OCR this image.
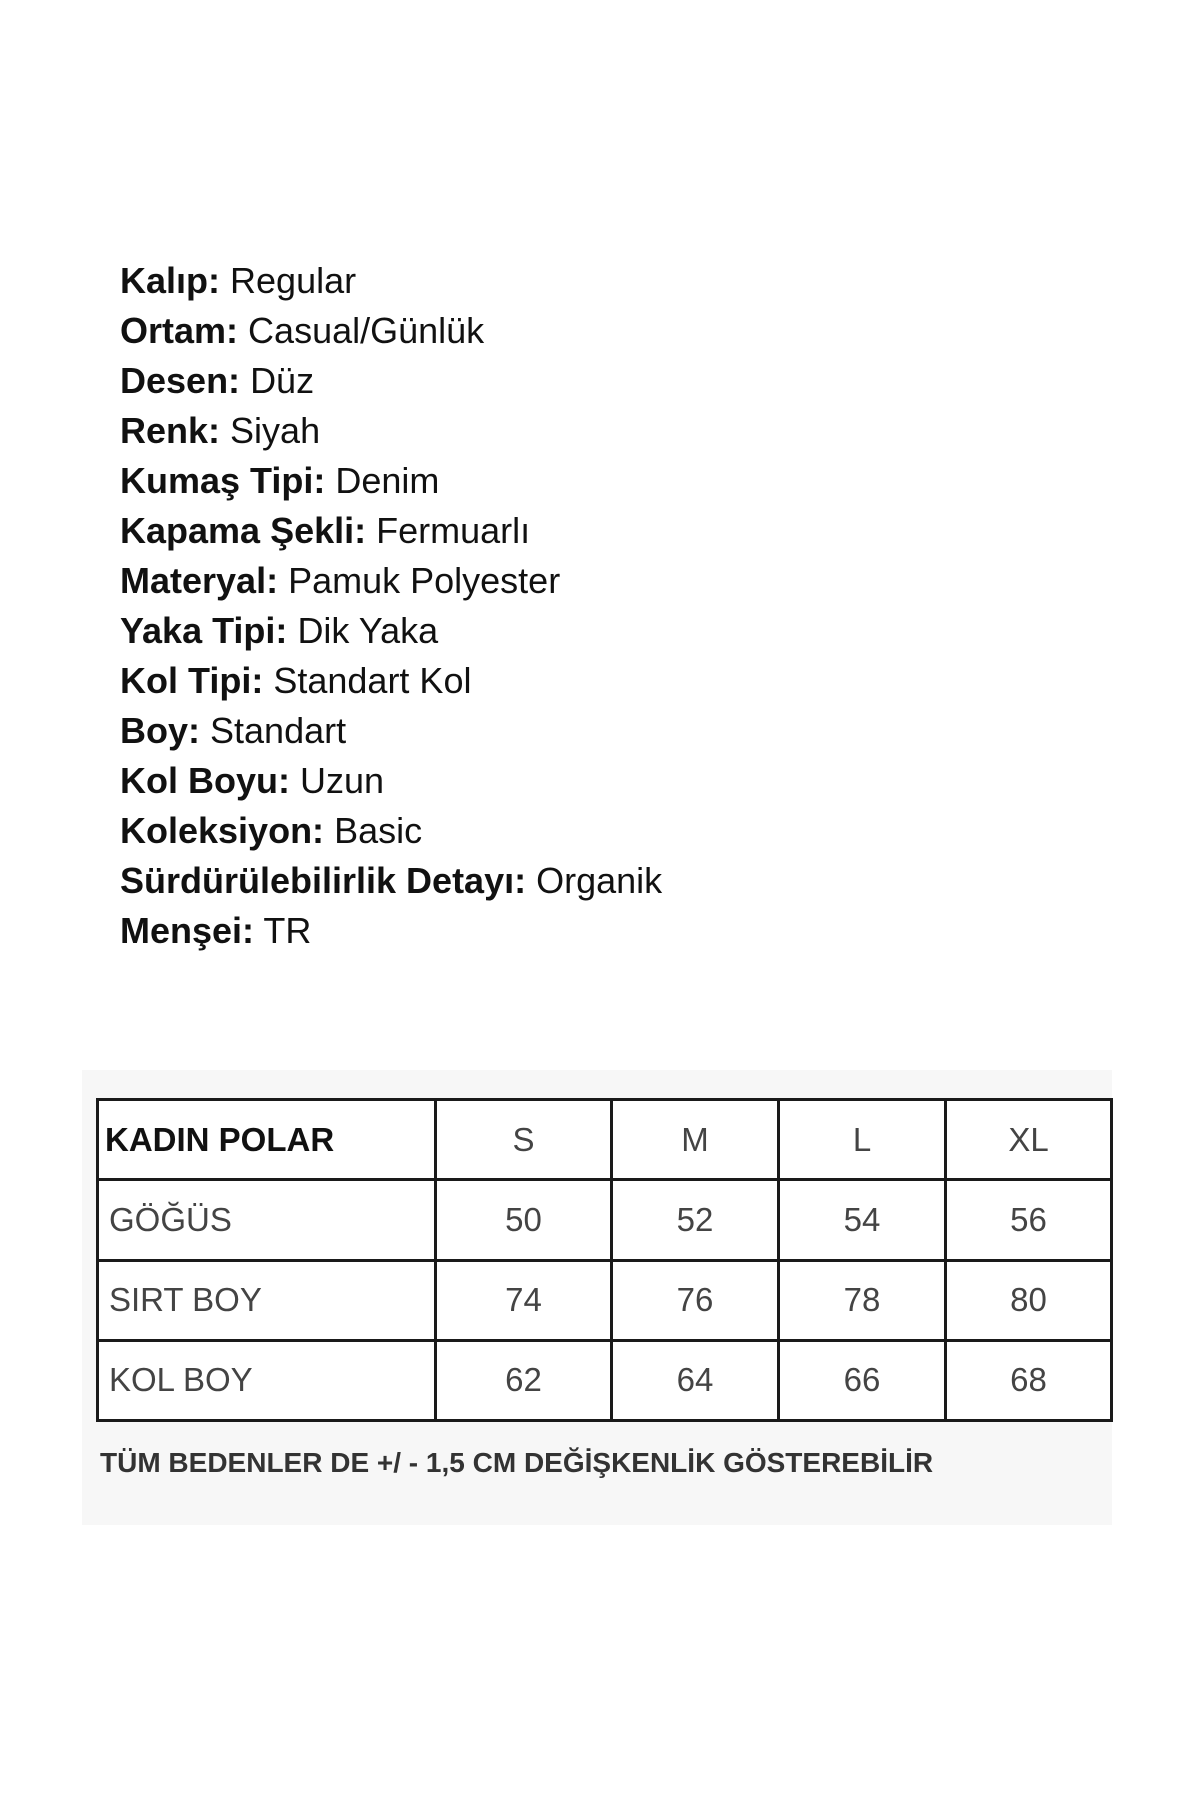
Kalıp: Regular
Ortam: Casual/Günlük
Desen: Düz
Renk: Siyah
Kumaş Tipi: Denim
Kapama Şekli: Fermuarlı
Materyal: Pamuk Polyester
Yaka Tipi: Dik Yaka
Kol Tipi: Standart Kol
Boy: Standart
Kol Boyu: Uzun
Koleksiyon: Basic
Sürdürülebilirlik Detayı: Organik
Menşei: TR
KADIN POLAR	S	M	L	XL
GÖĞÜS	50	52	54	56
SIRT BOY	74	76	78	80
KOL BOY	62	64	66	68
TÜM BEDENLER DE +/ - 1,5 CM DEĞİŞKENLİK GÖSTEREBİLİR
